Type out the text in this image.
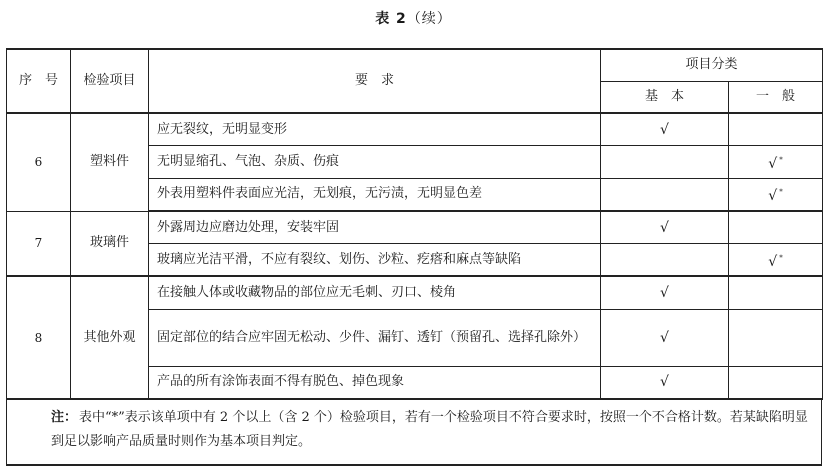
表 2（续）
序　号	检验项目	要　求	项目分类	
			基　本	一　般
6	塑料件	应无裂纹，无明显变形	√	
		无明显缩孔、气泡、杂质、伤痕		√ *
		外表用塑料件表面应光洁，无划痕，无污渍，无明显色差		√ *
7	玻璃件	外露周边应磨边处理，安装牢固	√	
		玻璃应光洁平滑，不应有裂纹、划伤、沙粒、疙瘩和麻点等缺陷		√ *
8	其他外观	在接触人体或收藏物品的部位应无毛刺、刃口、棱角	√	
		固定部位的结合应牢固无松动、少件、漏钉、透钉（预留孔、选择孔除外）	√	
		产品的所有涂饰表面不得有脱色、掉色现象	√	
注： 表中“*”表示该单项中有 2 个以上（含 2 个）检验项目，若有一个检验项目不符合要求时，按照一个不合格计数。若某缺陷明显到足以影响产品质量时则作为基本项目判定。
